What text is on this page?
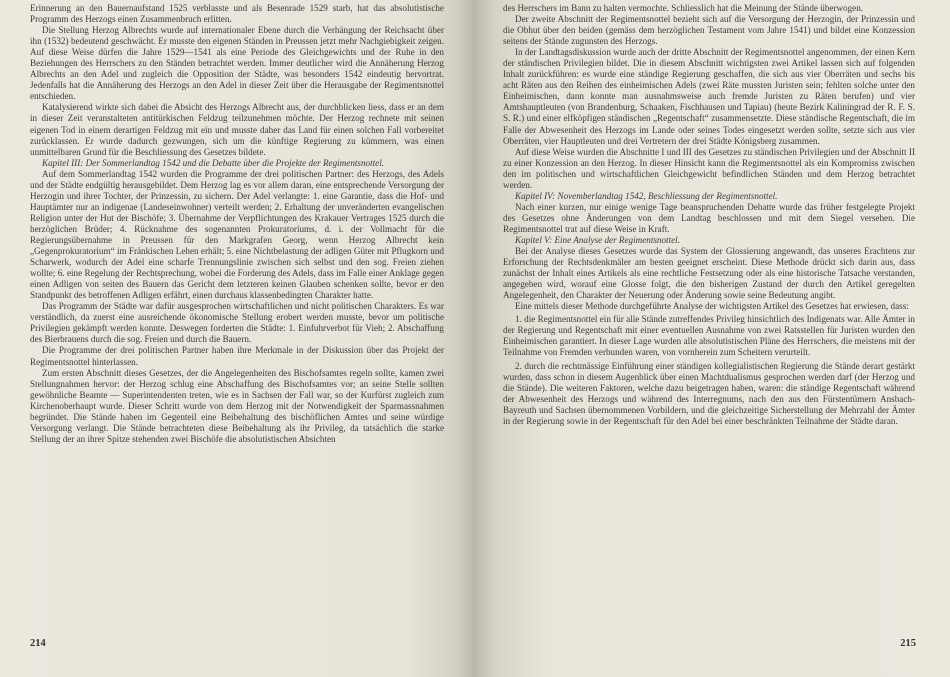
Erinnerung an den Bauernaufstand 1525 verblasste und als Besenrade 1529 starb, hat das absolutistische Programm des Herzogs einen Zusammenbruch erlitten.

Die Stellung Herzog Albrechts wurde auf internationaler Ebene durch die Verhängung der Reichsacht über ihn (1532) bedeutend geschwächt. Er musste den eigenen Ständen in Preussen jetzt mehr Nachgiebigkeit zeigen. Auf diese Weise dürfen die Jahre 1529—1541 als eine Periode des Gleichgewichts und der Ruhe in den Beziehungen des Herrschers zu den Ständen betrachtet werden. Immer deutlicher wird die Annäherung Herzog Albrechts an den Adel und zugleich die Opposition der Städte, was besonders 1542 eindeutig hervortrat. Jedenfalls hat die Annäherung des Herzogs an den Adel in dieser Zeit über die Herausgabe der Regimentsnottel entschieden.

Katalysierend wirkte sich dabei die Absicht des Herzogs Albrecht aus, der durchblicken liess, dass er an dem in dieser Zeit veranstalteten antitürkischen Feldzug teilzunehmen möchte. Der Herzog rechnete mit seinen eigenen Tod in einem derartigen Feldzug mit ein und musste daher das Land für einen solchen Fall vorbereitet zurücklassen. Er wurde dadurch gezwungen, sich um die künftige Regierung zu kümmern, was einen unmittelbaren Grund für die Beschliessung des Gesetzes bildete.

Kapitel III: Der Sommerlandtag 1542 und die Debatte über die Projekte der Regimentsnottel.

Auf dem Sommerlandtag 1542 wurden die Programme der drei politischen Partner: des Herzogs, des Adels und der Städte endgültig herausgebildet. Dem Herzog lag es vor allem daran, eine entsprechende Versorgung der Herzogin und ihrer Tochter, der Prinzessin, zu sichern. Der Adel verlangte: 1. eine Garantie, dass die Hof- und Hauptämter nur an indigenae (Landeseinwohner) verteilt werden; 2. Erhaltung der unveränderten evangelischen Religion unter der Hut der Bischöfe; 3. Übernahme der Verpflichtungen des Krakauer Vertrages 1525 durch die herzöglichen Brüder; 4. Rücknahme des sogenannten Prokuratoriums, d. i. der Vollmacht für die Regierungsübernahme in Preussen für den Markgrafen Georg, wenn Herzog Albrecht kein „Gegenprokuratorium“ im Fränkischen Lehen erhält; 5. eine Nichtbelastung der adligen Güter mit Pflugkorn und Scharwerk, wodurch der Adel eine scharfe Trennungslinie zwischen sich selbst und den sog. Freien ziehen wollte; 6. eine Regelung der Rechtsprechung, wobei die Forderung des Adels, dass im Falle einer Anklage gegen einen Adligen von seiten des Bauern das Gericht dem letzteren keinen Glauben schenken sollte, bevor er den Standpunkt des betroffenen Adligen erfährt, einen durchaus klassenbedingten Charakter hatte.

Das Programm der Städte war dafür ausgesprochen wirtschaftlichen und nicht politischen Charakters. Es war verständlich, da zuerst eine ausreichende ökonomische Stellung erobert werden musste, bevor um politische Privilegien gekämpft werden konnte. Deswegen forderten die Städte: 1. Einfuhrverbot für Vieh; 2. Abschaffung des Bierbrauens durch die sog. Freien und durch die Bauern.

Die Programme der drei politischen Partner haben ihre Merkmale in der Diskussion über das Projekt der Regimentsnottel hinterlassen.

Zum ersten Abschnitt dieses Gesetzes, der die Angelegenheiten des Bischofsamtes regeln sollte, kamen zwei Stellungnahmen hervor: der Herzog schlug eine Abschaffung des Bischofsamtes vor; an seine Stelle sollten gewöhnliche Beamte — Superintendenten treten, wie es in Sachsen der Fall war, so der Kurfürst zugleich zum Kirchenoberhaupt wurde. Dieser Schritt wurde von dem Herzog mit der Notwendigkeit der Sparmassnahmen begründet. Die Stände haben im Gegenteil eine Beibehaltung des bischöflichen Amtes und seine würdige Versorgung verlangt. Die Stände betrachteten diese Beibehaltung als ihr Privileg, da tatsächlich die starke Stellung der an ihrer Spitze stehenden zwei Bischöfe die absolutistischen Absichten

214

des Herrschers im Bann zu halten vermochte. Schliesslich hat die Meinung der Stände überwogen.

Der zweite Abschnitt der Regimentsnottel bezieht sich auf die Versorgung der Herzogin, der Prinzessin und die Obhut über den beiden (gemäss dem herzöglichen Testament vom Jahre 1541) und bildet eine Konzession seitens der Stände zugunsten des Herzogs.

In der Landtagsdiskussion wurde auch der dritte Abschnitt der Regimentsnottel angenommen, der einen Kern der ständischen Privilegien bildet. Die in diesem Abschnitt wichtigsten zwei Artikel lassen sich auf folgenden Inhalt zurückführen: es wurde eine ständige Regierung geschaffen, die sich aus vier Oberräten und sechs bis acht Räten aus den Reihen des einheimischen Adels (zwei Räte mussten Juristen sein; fehlten solche unter den Einheimischen, dann konnte man ausnahmsweise auch fremde Juristen zu Räten berufen) und vier Amtshauptleuten (von Brandenburg, Schaaken, Fischhausen und Tapiau) (heute Bezirk Kaliningrad der R. F. S. S. R.) und einer elfköpfigen ständischen „Regentschaft“ zusammensetzte. Diese ständische Regentschaft, die im Falle der Abwesenheit des Herzogs im Lande oder seines Todes eingesetzt werden sollte, setzte sich aus vier Oberräten, vier Hauptleuten und drei Vertretern der drei Städte Königsberg zusammen.

Auf diese Weise wurden die Abschnitte I und III des Gesetzes zu ständischen Privilegien und der Abschnitt II zu einer Konzession an den Herzog. In dieser Hinsicht kann die Regimentsnottel als ein Kompromiss zwischen den im politischen und wirtschaftlichen Gleichgewicht befindlichen Ständen und dem Herzog betrachtet werden.

Kapitel IV: Novemberlandtag 1542, Beschliessung der Regimentsnottel.

Nach einer kurzen, nur einige wenige Tage beanspruchenden Debatte wurde das früher festgelegte Projekt des Gesetzes ohne Änderungen von dem Landtag beschlossen und mit dem Siegel versehen. Die Regimentsnottel trat auf diese Weise in Kraft.

Kapitel V: Eine Analyse der Regimentsnottel.

Bei der Analyse dieses Gesetzes wurde das System der Glossierung angewandt, das unseres Erachtens zur Erforschung der Rechtsdenkmäler am besten geeignet erscheint. Diese Methode drückt sich darin aus, dass zunächst der Inhalt eines Artikels als eine rechtliche Festsetzung oder als eine historische Tatsache verstanden, angegeben wird, worauf eine Glosse folgt, die den bisherigen Zustand der durch den Artikel geregelten Angelegenheit, den Charakter der Neuerung oder Änderung sowie seine Bedeutung angibt.

Eine mittels dieser Methode durchgeführte Analyse der wichtigsten Artikel des Gesetzes hat erwiesen, dass:

1. die Regimentsnottel ein für alle Stände zutreffendes Privileg hinsichtlich des Indigenats war. Alle Ämter in der Regierung und Regentschaft mit einer eventuellen Ausnahme von zwei Ratsstellen für Juristen wurden den Einheimischen garantiert. In dieser Lage wurden alle absolutistischen Pläne des Herrschers, die meistens mit der Teilnahme von Fremden verbunden waren, von vornherein zum Scheitern verurteilt.

2. durch die rechtmässige Einführung einer ständigen kollegialistischen Regierung die Stände derart gestärkt wurden, dass schon in diesem Augenblick über einen Machtdualismus gesprochen werden darf (der Herzog und die Stände). Die weiteren Faktoren, welche dazu beigetragen haben, waren: die ständige Regentschaft während der Abwesenheit des Herzogs und während des Interregnums, nach den aus den Fürstentümern Ansbach-Bayreuth und Sachsen übernommenen Vorbildern, und die gleichzeitige Sicherstellung der Mehrzahl der Ämter in der Regierung sowie in der Regentschaft für den Adel bei einer beschränkten Teilnahme der Städte daran.

215
